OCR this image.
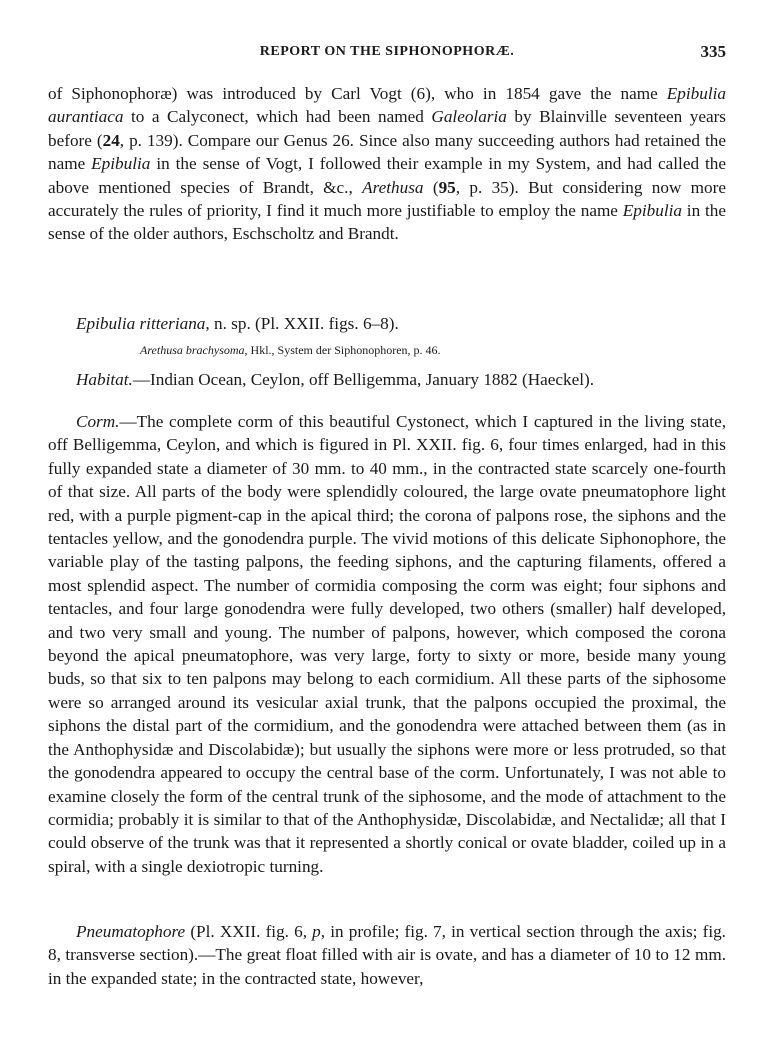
REPORT ON THE SIPHONOPHORÆ.	335

of Siphonophoræ) was introduced by Carl Vogt (6), who in 1854 gave the name Epibulia aurantiaca to a Calyconect, which had been named Galeolaria by Blainville seventeen years before (24, p. 139). Compare our Genus 26. Since also many succeeding authors had retained the name Epibulia in the sense of Vogt, I followed their example in my System, and had called the above mentioned species of Brandt, &c., Arethusa (95, p. 35). But considering now more accurately the rules of priority, I find it much more justifiable to employ the name Epibulia in the sense of the older authors, Eschscholtz and Brandt.

Epibulia ritteriana, n. sp. (Pl. XXII. figs. 6–8).
Arethusa brachysoma, Hkl., System der Siphonophoren, p. 46.
Habitat.—Indian Ocean, Ceylon, off Belligemma, January 1882 (Haeckel).

Corm.—The complete corm of this beautiful Cystonect, which I captured in the living state, off Belligemma, Ceylon, and which is figured in Pl. XXII. fig. 6, four times enlarged, had in this fully expanded state a diameter of 30 mm. to 40 mm., in the contracted state scarcely one-fourth of that size. All parts of the body were splendidly coloured, the large ovate pneumatophore light red, with a purple pigment-cap in the apical third; the corona of palpons rose, the siphons and the tentacles yellow, and the gonodendra purple. The vivid motions of this delicate Siphonophore, the variable play of the tasting palpons, the feeding siphons, and the capturing filaments, offered a most splendid aspect. The number of cormidia composing the corm was eight; four siphons and tentacles, and four large gonodendra were fully developed, two others (smaller) half developed, and two very small and young. The number of palpons, however, which composed the corona beyond the apical pneumatophore, was very large, forty to sixty or more, beside many young buds, so that six to ten palpons may belong to each cormidium. All these parts of the siphosome were so arranged around its vesicular axial trunk, that the palpons occupied the proximal, the siphons the distal part of the cormidium, and the gonodendra were attached between them (as in the Anthophysidæ and Discolabidæ); but usually the siphons were more or less protruded, so that the gonodendra appeared to occupy the central base of the corm. Unfortunately, I was not able to examine closely the form of the central trunk of the siphosome, and the mode of attachment to the cormidia; probably it is similar to that of the Anthophysidæ, Discolabidæ, and Nectalidæ; all that I could observe of the trunk was that it represented a shortly conical or ovate bladder, coiled up in a spiral, with a single dexiotropic turning.

Pneumatophore (Pl. XXII. fig. 6, p, in profile; fig. 7, in vertical section through the axis; fig. 8, transverse section).—The great float filled with air is ovate, and has a diameter of 10 to 12 mm. in the expanded state; in the contracted state, however,
